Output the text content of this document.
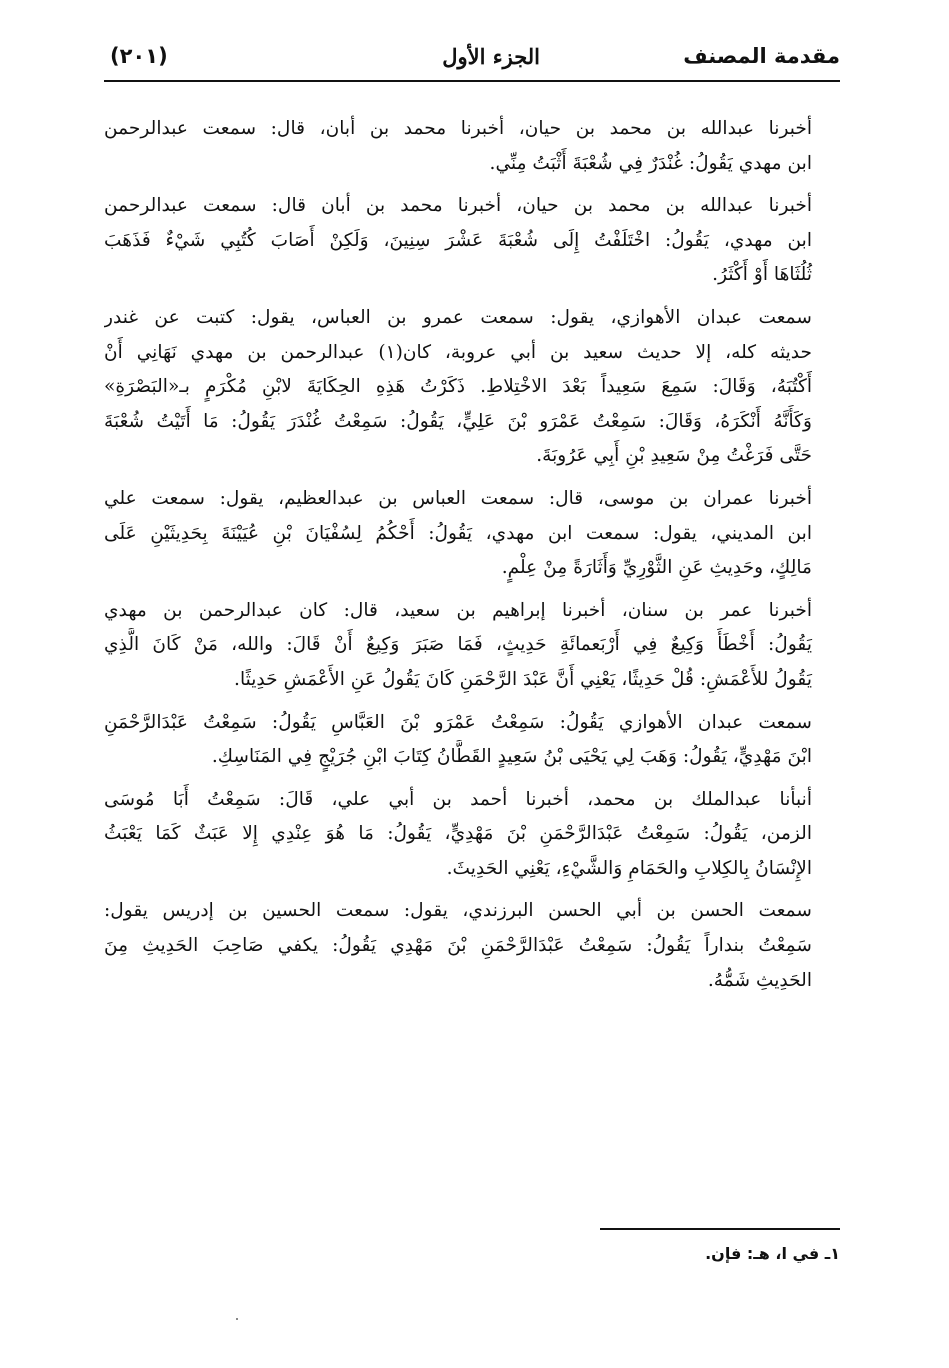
مقدمة المصنف
الجزء الأول
(٢٠١)
أخبرنا عبدالله بن محمد بن حيان، أخبرنا محمد بن أبان، قال: سمعت عبدالرحمن
ابن مهدي يَقُولُ: غُنْدَرٌ فِي شُعْبَةَ أَثْبَتُ مِنِّي.
أخبرنا عبدالله بن محمد بن حيان، أخبرنا محمد بن أبان قال: سمعت عبدالرحمن
ابن مهدي، يَقُولُ: اخْتَلَفْتُ إِلَى شُعْبَةَ عَشْرَ سِنِينَ، وَلَكِنْ أَصَابَ كُتُبِي شَيْءٌ فَذَهَبَ
ثُلُثَاهَا أَوْ أَكْثَرُ.
سمعت عبدان الأهوازي، يقول: سمعت عمرو بن العباس، يقول: كتبت عن غندر
حديثه كله، إلا حديث سعيد بن أبي عروبة، كان(١) عبدالرحمن بن مهدي نَهَانِي أَنْ
أَكْتُبَهُ، وَقَالَ: سَمِعَ سَعِيداً بَعْدَ الاخْتِلاطِ. ذَكَرْتُ هَذِهِ الحِكَايَةَ لابْنِ مُكْرَمٍ بـ«البَصْرَةِ»
وَكَأَنَّهُ أَنْكَرَهُ، وَقَالَ: سَمِعْتُ عَمْرَو بْنَ عَلِيٍّ، يَقُولُ: سَمِعْتُ غُنْدَرَ يَقُولُ: مَا أَتَيْتُ شُعْبَةَ
حَتَّى فَرَغْتُ مِنْ سَعِيدِ بْنِ أَبِي عَرُوبَةَ.
أخبرنا عمران بن موسى، قال: سمعت العباس بن عبدالعظيم، يقول: سمعت علي
ابن المديني، يقول: سمعت ابن مهدي، يَقُولُ: أَحْكُمُ لِسُفْيَانَ بْنِ عُيَيْنَةَ بِحَدِيثَيْنِ عَلَى
مَالِكٍ، وحَدِيثِ عَنِ الثَّوْرِيِّ وَأَثَارَةً مِنْ عِلْمٍ.
أخبرنا عمر بن سنان، أخبرنا إبراهيم بن سعيد، قال: كان عبدالرحمن بن مهدي
يَقُولُ: أَخْطَأَ وَكِيعٌ فِي أَرْبَعمائَةِ حَدِيثٍ، فَمَا صَبَرَ وَكِيعٌ أَنْ قَالَ: والله، مَنْ كَانَ الَّذِي
يَقُولُ للأَعْمَشِ: قُلْ حَدِيثًا، يَعْنِي أَنَّ عَبْدَ الرَّحْمَنِ كَانَ يَقُولُ عَنِ الأَعْمَشِ حَدِيثًا.
سمعت عبدان الأهوازي يَقُولُ: سَمِعْتُ عَمْرَو بْنَ العَبَّاسِ يَقُولُ: سَمِعْتُ عَبْدَالرَّحْمَنِ
ابْنَ مَهْدِيٍّ، يَقُولُ: وَهَبَ لِي يَحْيَى بْنُ سَعِيدٍ القَطَّانُ كِتَابَ ابْنِ جُرَيْجٍ فِي المَنَاسِكِ.
أنبأنا عبدالملك بن محمد، أخبرنا أحمد بن أبي علي، قَالَ: سَمِعْتُ أَبَا مُوسَى
الزمن، يَقُولُ: سَمِعْتُ عَبْدَالرَّحْمَنِ بْنَ مَهْدِيٍّ، يَقُولُ: مَا هُوَ عِنْدِي إِلا عَبَثٌ كَمَا يَعْبَثُ
الإِنْسَانُ بِالكِلابِ والحَمَامِ وَالشَّيْءِ، يَعْنِي الحَدِيثَ.
سمعت الحسن بن أبي الحسن البرزندي، يقول: سمعت الحسين بن إدريس يقول:
سَمِعْتُ بنداراً يَقُولُ: سَمِعْتُ عَبْدَالرَّحْمَنِ بْنَ مَهْدِي يَقُولُ: يكفي صَاحِبَ الحَدِيثِ مِنَ
الحَدِيثِ شَمُّهُ.
١ـ في ا، هـ: فإن.
